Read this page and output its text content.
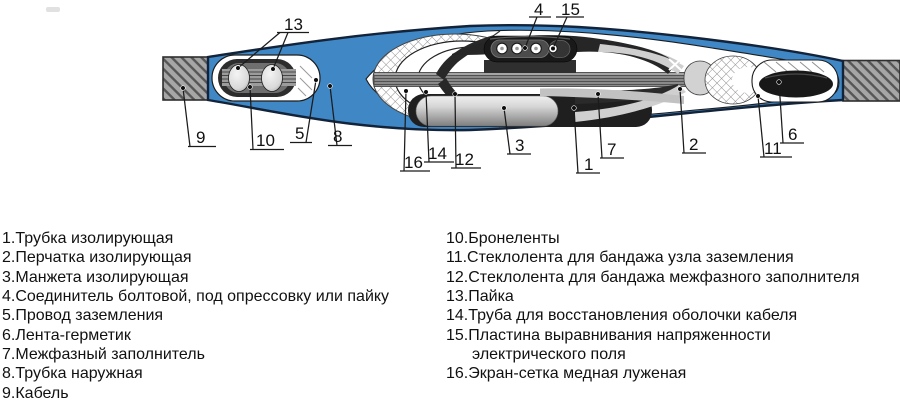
9	10 5 8
13
4 15
16 14 12
3
1
7	2	11
6
1.Трубка изолирующая
2.Перчатка изолирующая
3.Манжета изолирующая
4.Соединитель болтовой, под опрессовку или пайку
5.Провод заземления
6.Лента-герметик
7.Межфазный заполнитель
8.Трубка наружная
9.Кабель
10.Бронеленты
11.Стеклолента для бандажа узла заземления
12.Стеклолента для бандажа межфазного заполнителя
13.Пайка
14.Труба для восстановления оболочки кабеля
15.Пластина выравнивания напряженности
электрического поля
16.Экран-сетка медная луженая
